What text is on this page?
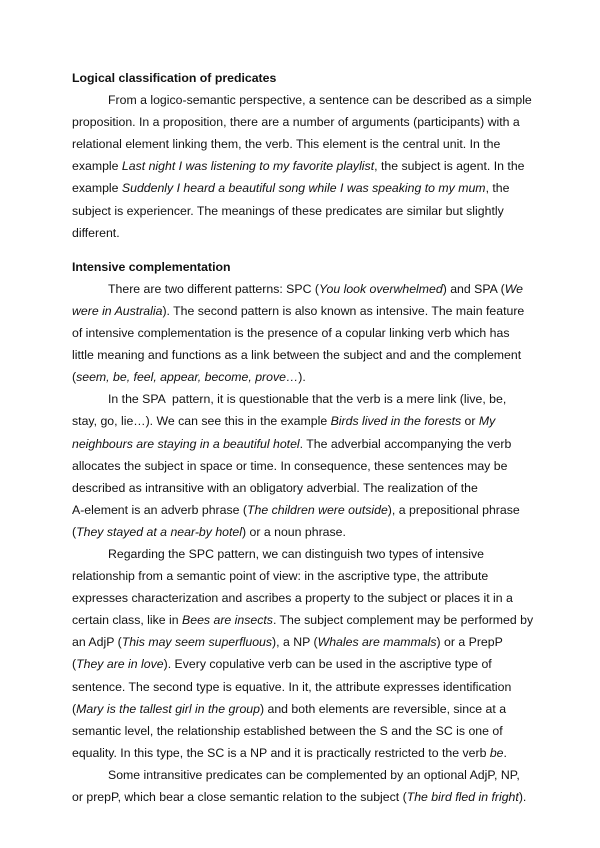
Logical classification of predicates
From a logico-semantic perspective, a sentence can be described as a simple
proposition. In a proposition, there are a number of arguments (participants) with a
relational element linking them, the verb. This element is the central unit. In the
example Last night I was listening to my favorite playlist, the subject is agent. In the
example Suddenly I heard a beautiful song while I was speaking to my mum, the
subject is experiencer. The meanings of these predicates are similar but slightly
different.
Intensive complementation
There are two different patterns: SPC (You look overwhelmed) and SPA (We
were in Australia). The second pattern is also known as intensive. The main feature
of intensive complementation is the presence of a copular linking verb which has
little meaning and functions as a link between the subject and and the complement
(seem, be, feel, appear, become, prove…).
In the SPA  pattern, it is questionable that the verb is a mere link (live, be,
stay, go, lie…). We can see this in the example Birds lived in the forests or My
neighbours are staying in a beautiful hotel. The adverbial accompanying the verb
allocates the subject in space or time. In consequence, these sentences may be
described as intransitive with an obligatory adverbial. The realization of the
A-element is an adverb phrase (The children were outside), a prepositional phrase
(They stayed at a near-by hotel) or a noun phrase.
Regarding the SPC pattern, we can distinguish two types of intensive
relationship from a semantic point of view: in the ascriptive type, the attribute
expresses characterization and ascribes a property to the subject or places it in a
certain class, like in Bees are insects. The subject complement may be performed by
an AdjP (This may seem superfluous), a NP (Whales are mammals) or a PrepP
(They are in love). Every copulative verb can be used in the ascriptive type of
sentence. The second type is equative. In it, the attribute expresses identification
(Mary is the tallest girl in the group) and both elements are reversible, since at a
semantic level, the relationship established between the S and the SC is one of
equality. In this type, the SC is a NP and it is practically restricted to the verb be.
Some intransitive predicates can be complemented by an optional AdjP, NP,
or prepP, which bear a close semantic relation to the subject (The bird fled in fright).
